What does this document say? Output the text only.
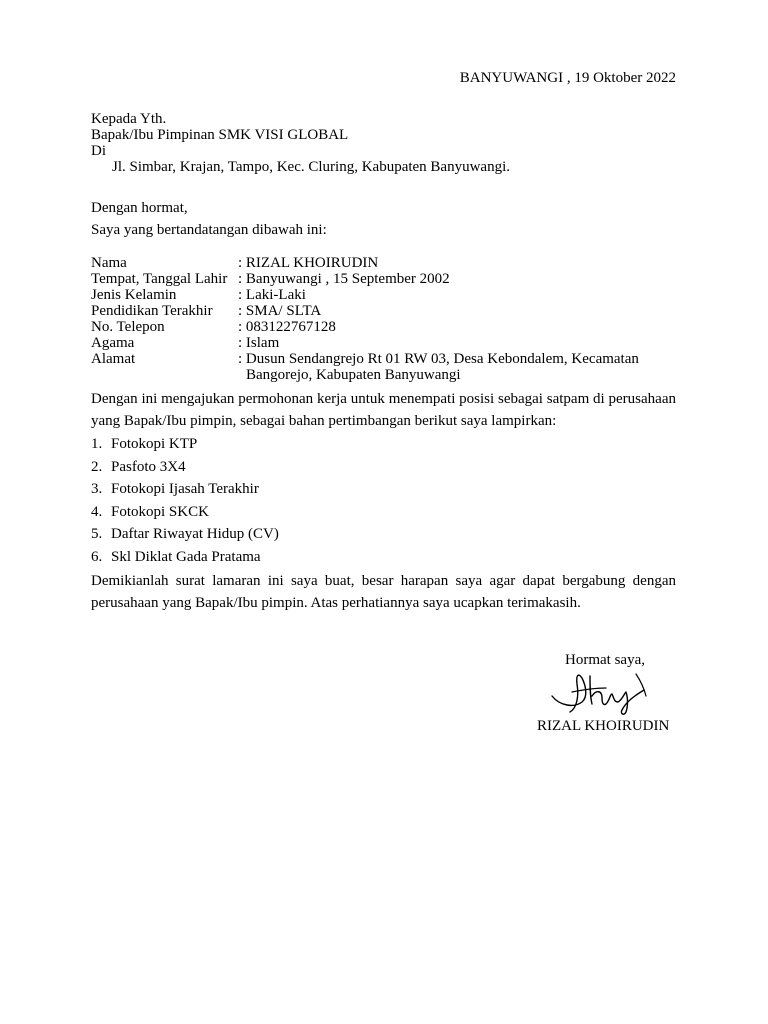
BANYUWANGI , 19 Oktober 2022
Kepada Yth.
Bapak/Ibu Pimpinan SMK VISI GLOBAL
Di
Jl. Simbar, Krajan, Tampo, Kec. Cluring, Kabupaten Banyuwangi.
Dengan hormat,
Saya yang bertandatangan dibawah ini:
Nama	: RIZAL KHOIRUDIN
Tempat, Tanggal Lahir	: Banyuwangi , 15 September 2002
Jenis Kelamin	: Laki-Laki
Pendidikan Terakhir	: SMA/ SLTA
No. Telepon	: 083122767128
Agama	: Islam
Alamat	: Dusun Sendangrejo Rt 01 RW 03, Desa Kebondalem, Kecamatan
Bangorejo, Kabupaten Banyuwangi
Dengan ini mengajukan permohonan kerja untuk menempati posisi sebagai satpam di perusahaan yang Bapak/Ibu pimpin, sebagai bahan pertimbangan berikut saya lampirkan:
1. Fotokopi KTP
2. Pasfoto 3X4
3. Fotokopi Ijasah Terakhir
4. Fotokopi SKCK
5. Daftar Riwayat Hidup (CV)
6. Skl Diklat Gada Pratama
Demikianlah surat lamaran ini saya buat, besar harapan saya agar dapat bergabung dengan perusahaan yang Bapak/Ibu pimpin. Atas perhatiannya saya ucapkan terimakasih.
Hormat saya,
RIZAL KHOIRUDIN
